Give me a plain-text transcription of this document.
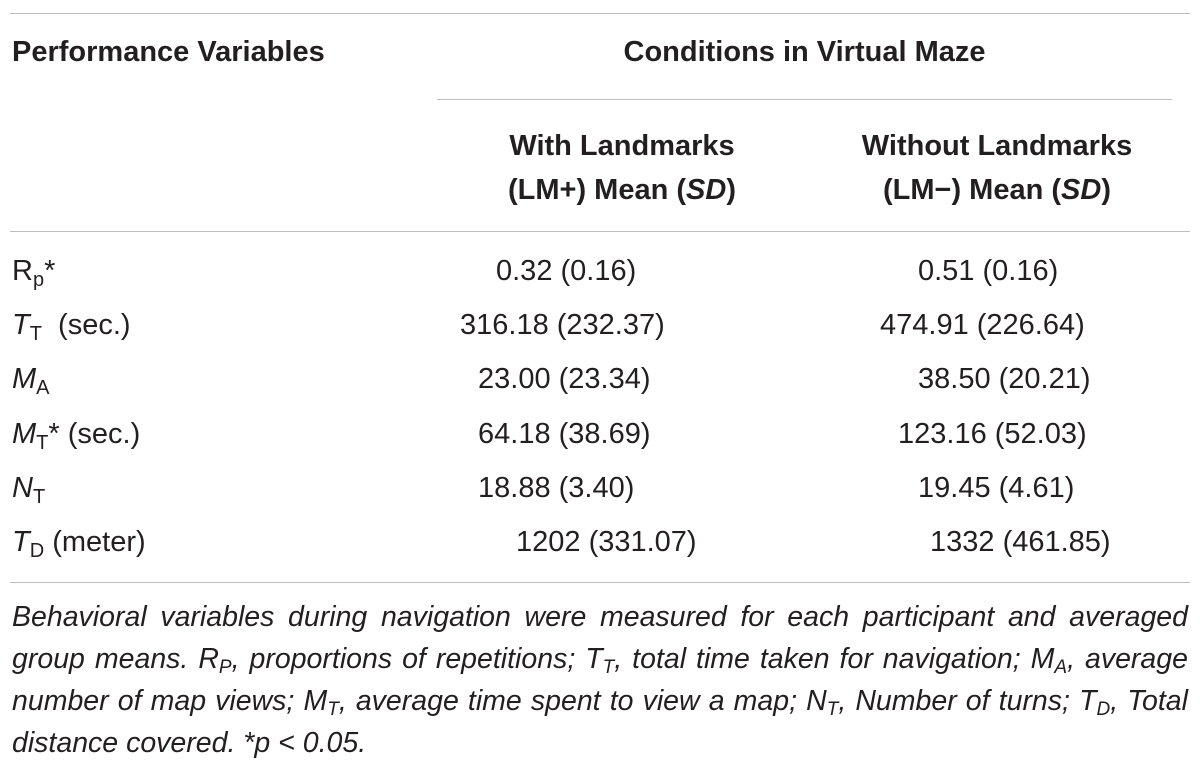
Performance Variables	Conditions in Virtual Maze
With Landmarks
(LM+) Mean (SD)
Without Landmarks
(LM−) Mean (SD)
$R_p*$	0.32 (0.16)	0.51 (0.16)
$T_T$  (sec.)	316.18 (232.37)	474.91 (226.64)
$M_A$	23.00 (23.34)	38.50 (20.21)
$M_T*$ (sec.)	64.18 (38.69)	123.16 (52.03)
$N_T$	18.88 (3.40)	19.45 (4.61)
$T_D$ (meter)	1202 (331.07)	1332 (461.85)
Behavioral variables during navigation were measured for each participant and averaged group means. $R_P$, proportions of repetitions; $T_T$, total time taken for navigation; $M_A$, average number of map views; $M_T$, average time spent to view a map; $N_T$, Number of turns; $T_D$, Total distance covered. *p < 0.05.
